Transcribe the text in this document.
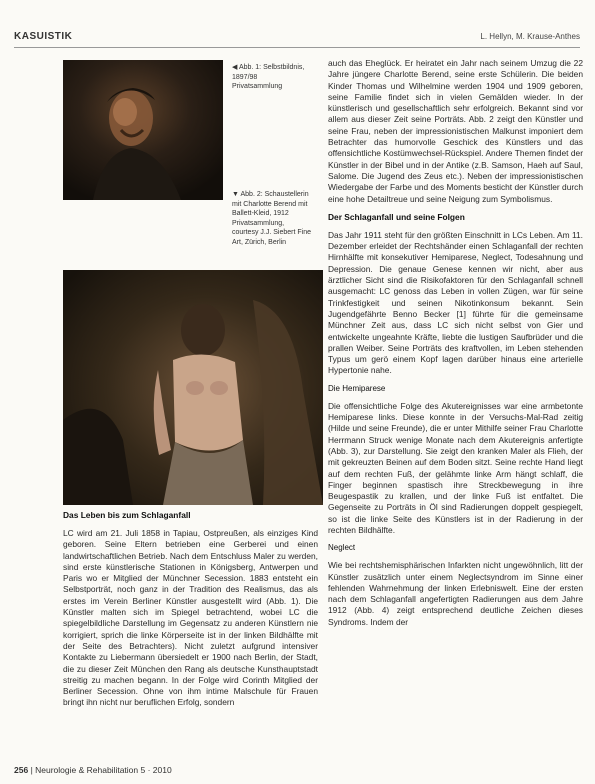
KASUISTIK	L. Hellyn, M. Krause-Anthes
◀ Abb. 1: Selbstbildnis, 1897/98 Privatsammlung
▼ Abb. 2: Schaustellerin mit Charlotte Berend mit Ballett-Kleid, 1912 Privatsammlung, courtesy J.J. Siebert Fine Art, Zürich, Berlin
Das Leben bis zum Schlaganfall

LC wird am 21. Juli 1858 in Tapiau, Ostpreußen, als einziges Kind geboren. Seine Eltern betrieben eine Gerberei und einen landwirtschaftlichen Betrieb. Nach dem Entschluss Maler zu werden, sind erste künstlerische Stationen in Königsberg, Antwerpen und Paris wo er Mitglied der Münchner Secession. 1883 entsteht ein Selbstporträt, noch ganz in der Tradition des Realismus, das als erstes im Verein Berliner Künstler ausgestellt wird (Abb. 1). Die Künstler malten sich im Spiegel betrachtend, wobei LC die spiegelbildliche Darstellung im Gegensatz zu anderen Künstlern nie korrigiert, sprich die linke Körperseite ist in der linken Bildhälfte mit der Seite des Betrachters). Nicht zuletzt aufgrund intensiver Kontakte zu Liebermann übersiedelt er 1900 nach Berlin, der Stadt, die zu dieser Zeit München den Rang als deutsche Kunsthauptstadt streitig zu machen begann. In der Folge wird Corinth Mitglied der Berliner Secession. Ohne von ihm intime Malschule für Frauen bringt ihn nicht nur beruflichen Erfolg, sondern

auch das Eheglück. Er heiratet ein Jahr nach seinem Umzug die 22 Jahre jüngere Charlotte Berend, seine erste Schülerin. Die beiden Kinder Thomas und Wilhelmine werden 1904 und 1909 geboren, seine Familie findet sich in vielen Gemälden wieder. In der künstlerisch und gesellschaftlich sehr erfolgreich. Bekannt sind vor allem aus dieser Zeit seine Porträts. Abb. 2 zeigt den Künstler und seine Frau, neben der impressionistischen Malkunst imponiert dem Betrachter das humorvolle Geschick des Künstlers und das offensichtliche Kostümwechsel-Rückspiel. Andere Themen findet der Künstler in der Bibel und in der Antike (z.B. Samson, Haeh auf Saul, Salome. Die Jugend des Zeus etc.). Neben der impressionistischen Wiedergabe der Farbe und des Moments besticht der Künstler durch eine hohe Detailtreue und seine Neigung zum Symbolismus.

Der Schlaganfall und seine Folgen

Das Jahr 1911 steht für den größten Einschnitt in LCs Leben. Am 11. Dezember erleidet der Rechtshänder einen Schlaganfall der rechten Hirnhälfte mit konsekutiver Hemiparese, Neglect, Todesahnung und Depression. Die genaue Genese kennen wir nicht, aber aus ärztlicher Sicht sind die Risikofaktoren für den Schlaganfall schnell ausgemacht: LC genoss das Leben in vollen Zügen, war für seine Trinkfestigkeit und seinen Nikotinkonsum bekannt. Sein Jugendgefährte Benno Becker [1] führte für die gemeinsame Münchner Zeit aus, dass LC sich nicht selbst von Gier und entwickelte ungeahnte Kräfte, liebte die lustigen Saufbrüder und die prallen Weiber. Seine Porträts des kraftvollen, im Leben stehenden Typus um gerö einem Kopf lagen darüber hinaus eine arterielle Hypertonie nahe.

Die Hemiparese

Die offensichtliche Folge des Akutereignisses war eine armbetonte Hemiparese links. Diese konnte in der Versuchs-Mal-Rad zeitig (Hilde und seine Freunde), die er unter Mithilfe seiner Frau Charlotte Herrmann Struck wenige Monate nach dem Akutereignis anfertigte (Abb. 3), zur Darstellung. Sie zeigt den kranken Maler als Flieh, der mit gekreuzten Beinen auf dem Boden sitzt. Seine rechte Hand liegt auf dem rechten Fuß, der gelähmte linke Arm hängt schlaff, die Finger beginnen spastisch ihre Streckbewegung in ihre Beugespastik zu krallen, und der linke Fuß ist entfaltet. Die Gegenseite zu Porträts in Öl sind Radierungen doppelt gespiegelt, so ist die linke Seite des Künstlers ist in der Radierung in der rechten Bildhälfte.

Neglect

Wie bei rechtshemisphärischen Infarkten nicht ungewöhnlich, litt der Künstler zusätzlich unter einem Neglectsyndrom im Sinne einer fehlenden Wahrnehmung der linken Erlebniswelt. Eine der ersten nach dem Schlaganfall angefertigten Radierungen aus dem Jahre 1912 (Abb. 4) zeigt entsprechend deutliche Zeichen dieses Syndroms. Indem der

256 | Neurologie & Rehabilitation 5 · 2010
